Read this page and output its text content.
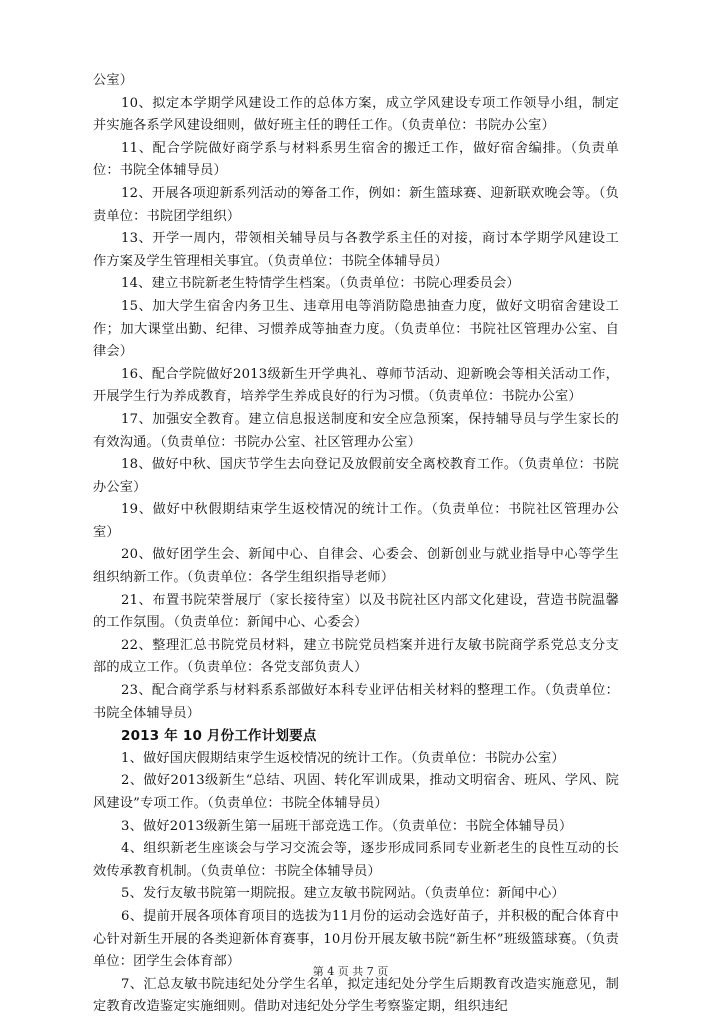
公室）

10、拟定本学期学风建设工作的总体方案，成立学风建设专项工作领导小组，制定并实施各系学风建设细则，做好班主任的聘任工作。（负责单位：书院办公室）

11、配合学院做好商学系与材料系男生宿舍的搬迁工作，做好宿舍编排。（负责单位：书院全体辅导员）

12、开展各项迎新系列活动的筹备工作，例如：新生篮球赛、迎新联欢晚会等。（负责单位：书院团学组织）

13、开学一周内，带领相关辅导员与各教学系主任的对接，商讨本学期学风建设工作方案及学生管理相关事宜。（负责单位：书院全体辅导员）

14、建立书院新老生特情学生档案。（负责单位：书院心理委员会）

15、加大学生宿舍内务卫生、违章用电等消防隐患抽查力度，做好文明宿舍建设工作；加大课堂出勤、纪律、习惯养成等抽查力度。（负责单位：书院社区管理办公室、自律会）

16、配合学院做好2013级新生开学典礼、尊师节活动、迎新晚会等相关活动工作，开展学生行为养成教育，培养学生养成良好的行为习惯。（负责单位：书院办公室）

17、加强安全教育。建立信息报送制度和安全应急预案，保持辅导员与学生家长的有效沟通。（负责单位：书院办公室、社区管理办公室）

18、做好中秋、国庆节学生去向登记及放假前安全离校教育工作。（负责单位：书院办公室）

19、做好中秋假期结束学生返校情况的统计工作。（负责单位：书院社区管理办公室）

20、做好团学生会、新闻中心、自律会、心委会、创新创业与就业指导中心等学生组织纳新工作。（负责单位：各学生组织指导老师）

21、布置书院荣誉展厅（家长接待室）以及书院社区内部文化建设，营造书院温馨的工作氛围。（负责单位：新闻中心、心委会）

22、整理汇总书院党员材料，建立书院党员档案并进行友敏书院商学系党总支分支部的成立工作。（负责单位：各党支部负责人）

23、配合商学系与材料系系部做好本科专业评估相关材料的整理工作。（负责单位：书院全体辅导员）

2013 年 10 月份工作计划要点

1、做好国庆假期结束学生返校情况的统计工作。（负责单位：书院办公室）

2、做好2013级新生“总结、巩固、转化军训成果，推动文明宿舍、班风、学风、院风建设”专项工作。（负责单位：书院全体辅导员）

3、做好2013级新生第一届班干部竞选工作。（负责单位：书院全体辅导员）

4、组织新老生座谈会与学习交流会等，逐步形成同系同专业新老生的良性互动的长效传承教育机制。（负责单位：书院全体辅导员）

5、发行友敏书院第一期院报。建立友敏书院网站。（负责单位：新闻中心）

6、提前开展各项体育项目的选拔为11月份的运动会选好苗子，并积极的配合体育中心针对新生开展的各类迎新体育赛事，10月份开展友敏书院“新生杯”班级篮球赛。（负责单位：团学生会体育部）

7、汇总友敏书院违纪处分学生名单，拟定违纪处分学生后期教育改造实施意见，制定教育改造鉴定实施细则。借助对违纪处分学生考察鉴定期，组织违纪

第 4 页 共 7 页
